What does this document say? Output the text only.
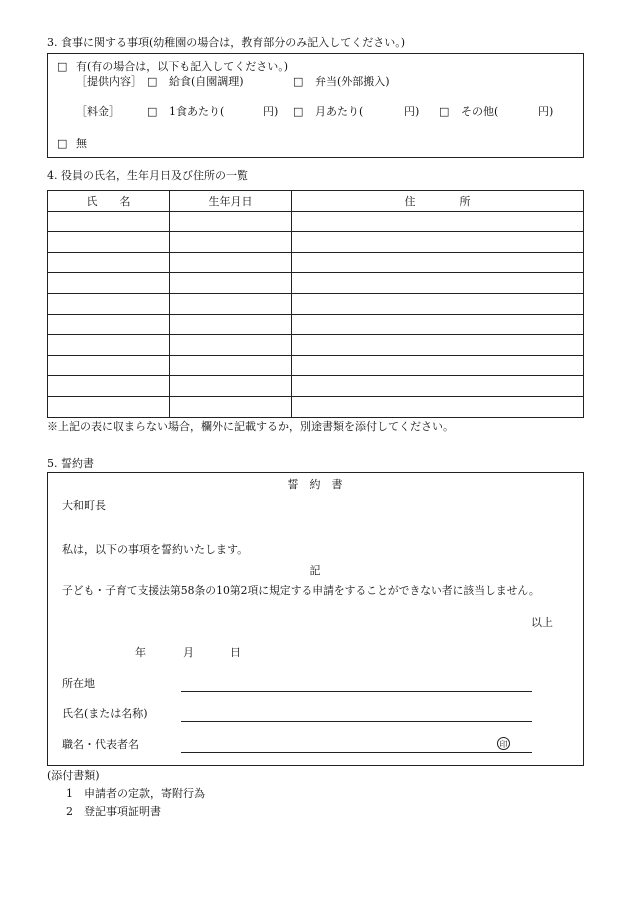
3. 食事に関する事項(幼稚園の場合は，教育部分のみ記入してください。)
□ 有(有の場合は，以下も記入してください。)
［提供内容］ □ 給食(自園調理)	□ 弁当(外部搬入)
［料金］ □ 1食あたり(	円) □ 月あたり(	円) □ その他(	円)
□ 無
4. 役員の氏名，生年月日及び住所の一覧
氏　　名	生年月日	住　　　　所

※上記の表に収まらない場合，欄外に記載するか，別途書類を添付してください。
5. 誓約書
誓　約　書
大和町長
私は，以下の事項を誓約いたします。
記
子ども・子育て支援法第58条の10第2項に規定する申請をすることができない者に該当しません。
以上
年	月	日
所在地
氏名(または名称)
職名・代表者名	印
(添付書類)
1　申請者の定款，寄附行為
2　登記事項証明書
